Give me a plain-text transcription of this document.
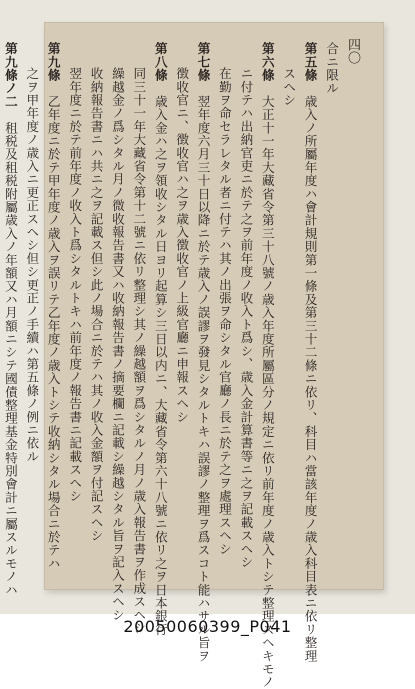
四〇
合ニ限ル
第五條　歳入ノ所屬年度ハ會計規則第一條及第三十二條ニ依リ、科目ハ當該年度ノ歳入科目表ニ依リ整理
スヘシ
第六條　大正十一年大藏省令第三十八號ノ歳入年度所屬區分ノ規定ニ依リ前年度ノ歳入トシテ整理スヘキモノ
ニ付テハ出納官吏ニ於テ之ヲ前年度ノ收入ト爲シ、歳入金計算書等ニ之ヲ記載スヘシ
在勤ヲ命セラレタル者ニ付テハ其ノ出張ヲ命シタル官廳ノ長ニ於テ之ヲ處理スヘシ
第七條　翌年度六月三十日以降ニ於テ歳入ノ誤謬ヲ發見シタルトキハ誤謬ノ整理ヲ爲スコト能ハサル旨ヲ
徴收官ニ、徴收官ハ之ヲ歳入徴收官ノ上級官廳ニ申報スヘシ
第八條　歳入金ハ之ヲ領收シタル日ヨリ起算シ三日以内ニ、大藏省令第六十八號ニ依リ之ヲ日本銀行
同三十一年大藏省令第十二號ニ依リ整理シ其ノ繰越額ヲ爲シタルノ月ノ歳入報告書ヲ作成スヘシ
繰越金ノ爲シタル月ノ微收報告書又ハ收納報告書ノ摘要欄ニ記載シ繰越シタル旨ヲ記入スヘシ
收納報告書ニハ共ニ之ヲ記載ス但シ此ノ場合ニ於テハ其ノ收入金額ヲ付記スヘシ
翌年度ニ於テ前年度ノ收入ト爲シタルトキハ前年度ノ報告書ニ記載スヘシ
第九條　乙年度ニ於テ甲年度ノ歳入ヲ誤リテ乙年度ノ歳入トシテ收納シタル場合ニ於テハ
之ヲ甲年度ノ歳入ニ更正スヘシ但シ更正ノ手續ハ第五條ノ例ニ依ル
第九條ノ二　租税及租税附屬歳入ノ年額又ハ月額ニシテ國債整理基金特別會計ニ屬スルモノハ

20050060399_P041
